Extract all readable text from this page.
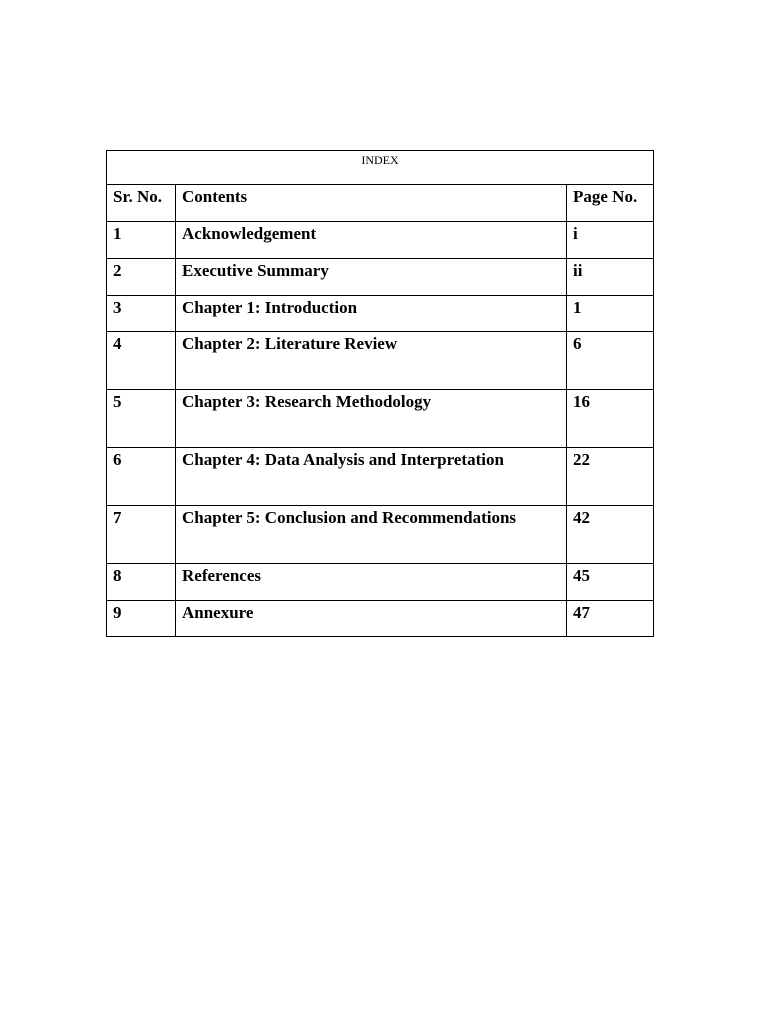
INDEX		

Sr. No.	Contents	Page No.

1	Acknowledgement	i

2	Executive Summary	ii

3	Chapter 1: Introduction	1

4	Chapter 2: Literature Review	6

5	Chapter 3: Research Methodology	16

6	Chapter 4: Data Analysis and Interpretation	22

7	Chapter 5: Conclusion and Recommendations	42

8	References	45

9	Annexure	47
